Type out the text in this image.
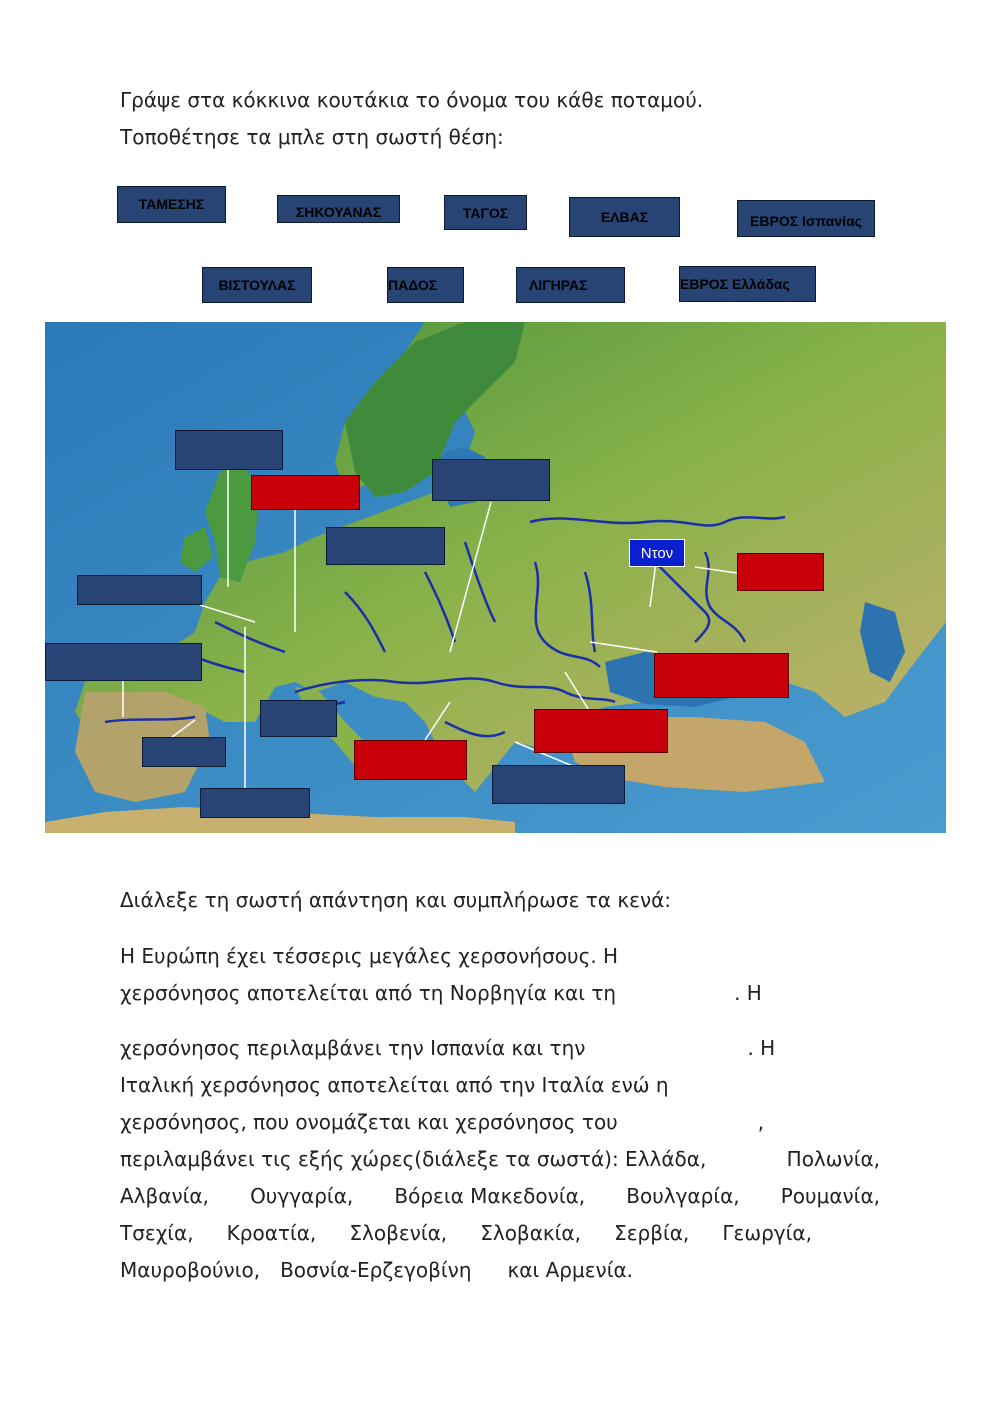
Γράψε στα κόκκινα κουτάκια το όνομα του κάθε ποταμού.
Τοποθέτησε τα μπλε στη σωστή θέση:
ΤΑΜΕΣΗΣ	ΣΗΚΟΥΑΝΑΣ	ΤΑΓΟΣ	ΕΛΒΑΣ	ΕΒΡΟΣ Ισπανίας
ΒΙΣΤΟΥΛΑΣ	ΠΑΔΟΣ	ΛΙΓΗΡΑΣ	ΕΒΡΟΣ Ελλάδας
Ντον
Διάλεξε τη σωστή απάντηση και συμπλήρωσε τα κενά:
Η Ευρώπη έχει τέσσερις μεγάλες χερσονήσους. Η
χερσόνησος αποτελείται από τη Νορβηγία και τη	. Η
χερσόνησος περιλαμβάνει την Ισπανία και την	. Η
Ιταλική χερσόνησος αποτελείται από την Ιταλία ενώ η
χερσόνησος, που ονομάζεται και χερσόνησος του	,
περιλαμβάνει τις εξής χώρες(διάλεξε τα σωστά): Ελλάδα,	Πολωνία,
Αλβανία, Ουγγαρία, Βόρεια Μακεδονία, Βουλγαρία, Ρουμανία,
Τσεχία, Κροατία, Σλοβενία, Σλοβακία, Σερβία, Γεωργία,
Μαυροβούνιο, Βοσνία-Ερζεγοβίνη και Αρμενία.
